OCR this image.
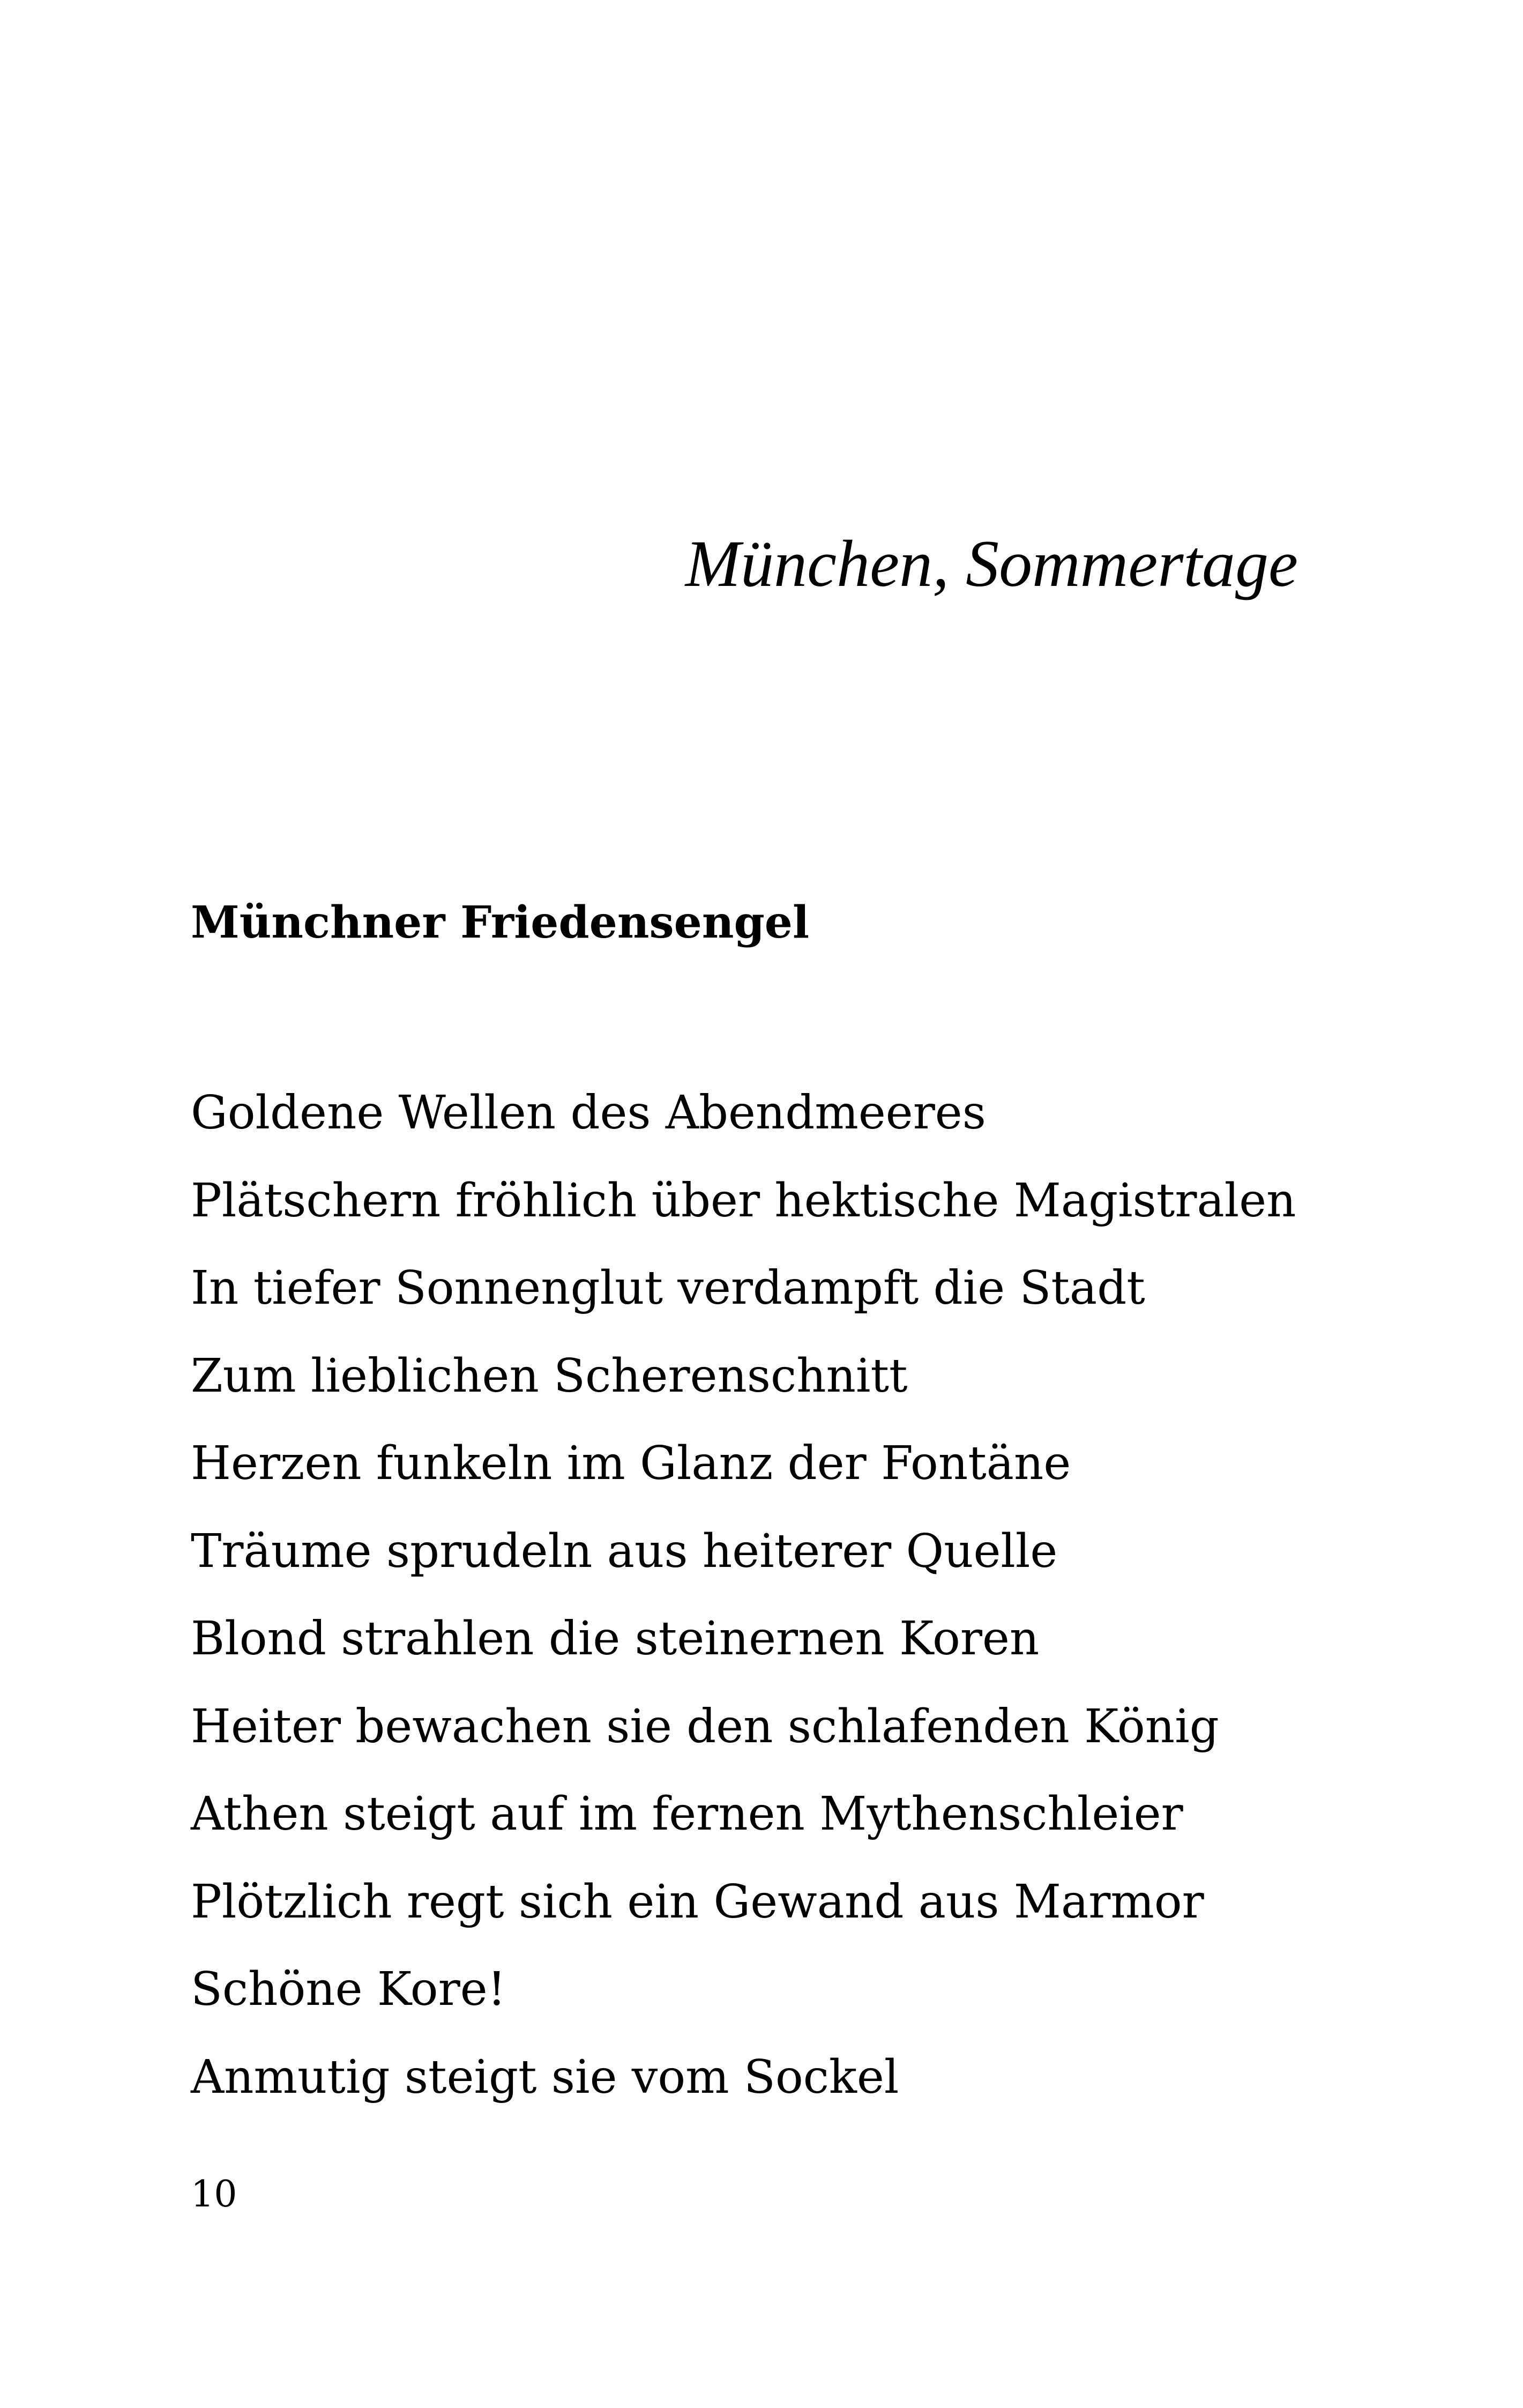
München, Sommertage
Münchner Friedensengel
Goldene Wellen des Abendmeeres
Plätschern fröhlich über hektische Magistralen
In tiefer Sonnenglut verdampft die Stadt
Zum lieblichen Scherenschnitt
Herzen funkeln im Glanz der Fontäne
Träume sprudeln aus heiterer Quelle
Blond strahlen die steinernen Koren
Heiter bewachen sie den schlafenden König
Athen steigt auf im fernen Mythenschleier
Plötzlich regt sich ein Gewand aus Marmor
Schöne Kore!
Anmutig steigt sie vom Sockel
10
